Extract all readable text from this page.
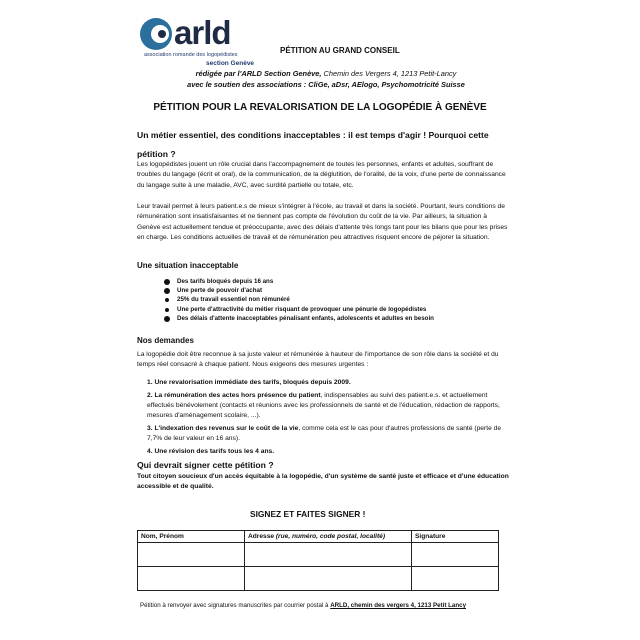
arld
association romande des logopédistes
section Genève
PÉTITION AU GRAND CONSEIL
rédigée par l'ARLD Section Genève, Chemin des Vergers 4, 1213 Petit-Lancy
avec le soutien des associations : CliGe, aDsr, AElogo, Psychomotricité Suisse
PÉTITION POUR LA REVALORISATION DE LA LOGOPÉDIE À GENÈVE
Un métier essentiel, des conditions inacceptables : il est temps d'agir ! Pourquoi cette pétition ?

Les logopédistes jouent un rôle crucial dans l'accompagnement de toutes les personnes, enfants et adultes, souffrant de troubles du langage (écrit et oral), de la communication, de la déglutition, de l'oralité, de la voix, d'une perte de connaissance du langage suite à une maladie, AVC, avec surdité partielle ou totale, etc.

Leur travail permet à leurs patient.e.s de mieux s'intégrer à l'école, au travail et dans la société. Pourtant, leurs conditions de rémunération sont insatisfaisantes et ne tiennent pas compte de l'évolution du coût de la vie. Par ailleurs, la situation à Genève est actuellement tendue et préoccupante, avec des délais d'attente très longs tant pour les bilans que pour les prises en charge. Les conditions actuelles de travail et de rémunération peu attractives risquent encore de péjorer la situation.

Une situation inacceptable
Des tarifs bloqués depuis 16 ans
Une perte de pouvoir d'achat
25% du travail essentiel non rémunéré
Une perte d'attractivité du métier risquant de provoquer une pénurie de logopédistes
Des délais d'attente inacceptables pénalisant enfants, adolescents et adultes en besoin
Nos demandes

La logopédie doit être reconnue à sa juste valeur et rémunérée à hauteur de l'importance de son rôle dans la société et du temps réel consacré à chaque patient. Nous exigeons des mesures urgentes :

1. Une revalorisation immédiate des tarifs, bloqués depuis 2009.
2. La rémunération des actes hors présence du patient, indispensables au suivi des patient.e.s. et actuellement effectués bénévolement (contacts et réunions avec les professionnels de santé et de l'éducation, rédaction de rapports, mesures d'aménagement scolaire, ...).
3. L'indexation des revenus sur le coût de la vie, comme cela est le cas pour d'autres professions de santé (perte de 7,7% de leur valeur en 16 ans).
4. Une révision des tarifs tous les 4 ans.
Qui devrait signer cette pétition ?
Tout citoyen soucieux d'un accès équitable à la logopédie, d'un système de santé juste et efficace et d'une éducation accessible et de qualité.
SIGNEZ ET FAITES SIGNER !
Nom, Prénom	Adresse (rue, numéro, code postal, localité)	Signature

Pétition à renvoyer avec signatures manuscrites par courrier postal à ARLD, chemin des vergers 4, 1213 Petit Lancy
